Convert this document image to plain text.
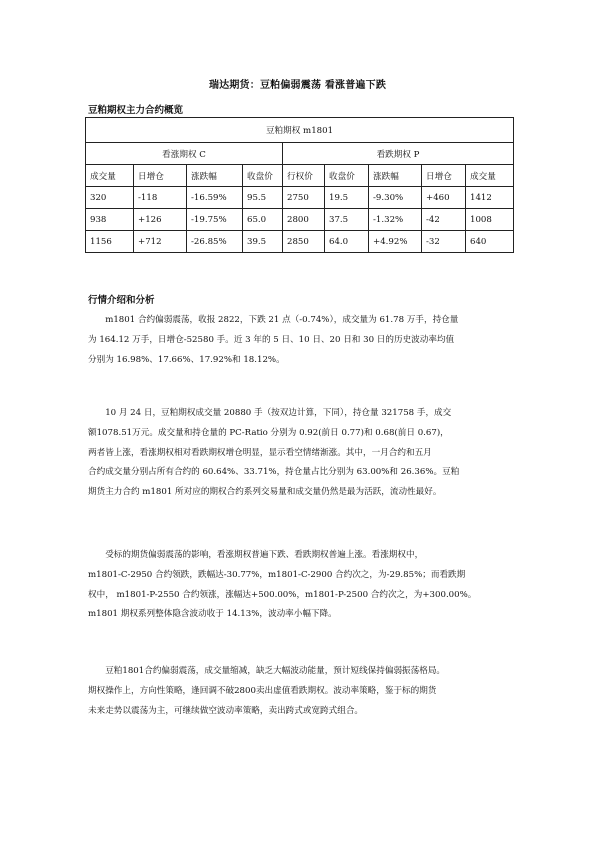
瑞达期货：豆粕偏弱震荡 看涨普遍下跌
豆粕期权主力合约概览
豆粕期权 m1801								
看涨期权 C				看跌期权 P				
成交量	日增仓	涨跌幅	收盘价	行权价	收盘价	涨跌幅	日增仓	成交量
320	-118	-16.59%	95.5	2750	19.5	-9.30%	+460	1412
938	+126	-19.75%	65.0	2800	37.5	-1.32%	-42	1008
1156	+712	-26.85%	39.5	2850	64.0	+4.92%	-32	640
行情介绍和分析
　　m1801 合约偏弱震荡，收报 2822，下跌 21 点（-0.74%），成交量为 61.78 万手，持仓量
为 164.12 万手，日增仓-52580 手。近 3 年的 5 日、10 日、20 日和 30 日的历史波动率均值
分别为 16.98%、17.66%、17.92%和 18.12%。
　　10 月 24 日，豆粕期权成交量 20880 手（按双边计算，下同），持仓量 321758 手，成交
额1078.51万元。成交量和持仓量的 PC-Ratio 分别为 0.92(前日 0.77)和 0.68(前日 0.67)，
两者皆上涨，看涨期权相对看跌期权增仓明显，显示看空情绪渐涨。其中，一月合约和五月
合约成交量分别占所有合约的 60.64%、33.71%，持仓量占比分别为 63.00%和 26.36%。豆粕
期货主力合约 m1801 所对应的期权合约系列交易量和成交量仍然是最为活跃，流动性最好。
　　受标的期货偏弱震荡的影响，看涨期权普遍下跌、看跌期权普遍上涨。看涨期权中，
m1801-C-2950 合约领跌，跌幅达-30.77%，m1801-C-2900 合约次之，为-29.85%；而看跌期
权中， m1801-P-2550 合约领涨，涨幅达+500.00%，m1801-P-2500 合约次之，为+300.00%。
m1801 期权系列整体隐含波动收于 14.13%，波动率小幅下降。
　　豆粕1801合约偏弱震荡，成交量缩减，缺乏大幅波动能量，预计短线保持偏弱振荡格局。
期权操作上，方向性策略，逢回调不破2800卖出虚值看跌期权。波动率策略，鉴于标的期货
未来走势以震荡为主，可继续做空波动率策略，卖出跨式或宽跨式组合。
